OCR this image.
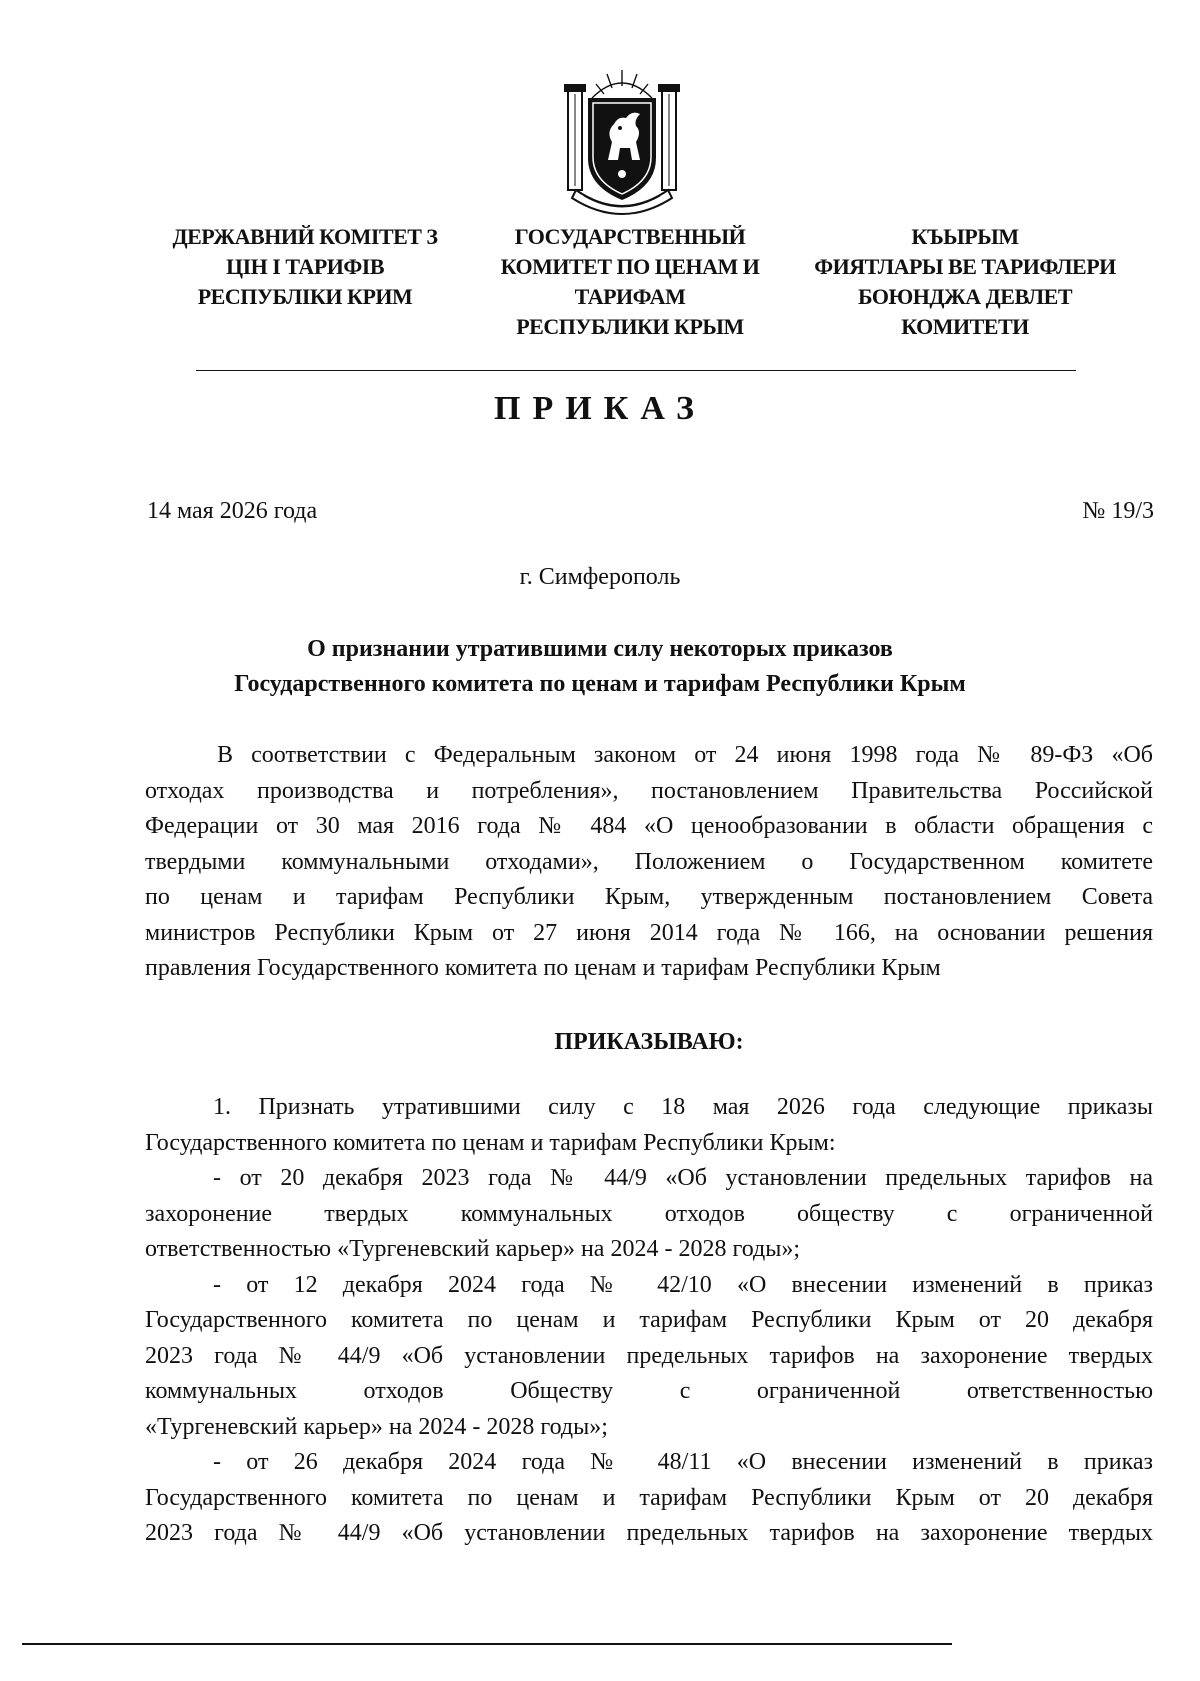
ДЕРЖАВНИЙ КОМІТЕТ З
ЦІН І ТАРИФІВ
РЕСПУБЛІКИ КРИМ
ГОСУДАРСТВЕННЫЙ
КОМИТЕТ ПО ЦЕНАМ И
ТАРИФАМ
РЕСПУБЛИКИ КРЫМ
КЪЫРЫМ
ФИЯТЛАРЫ ВЕ ТАРИФЛЕРИ
БОЮНДЖА ДЕВЛЕТ
КОМИТЕТИ
ПРИКАЗ
14 мая 2026 года	№ 19/3
г. Симферополь
О признании утратившими силу некоторых приказов
Государственного комитета по ценам и тарифам Республики Крым
В соответствии с Федеральным законом от 24 июня 1998 года № 89-ФЗ «Об
отходах производства и потребления», постановлением Правительства Российской
Федерации от 30 мая 2016 года № 484 «О ценообразовании в области обращения с
твердыми коммунальными отходами», Положением о Государственном комитете
по ценам и тарифам Республики Крым, утвержденным постановлением Совета
министров Республики Крым от 27 июня 2014 года № 166, на основании решения
правления Государственного комитета по ценам и тарифам Республики Крым
ПРИКАЗЫВАЮ:
1. Признать утратившими силу с 18 мая 2026 года следующие приказы
Государственного комитета по ценам и тарифам Республики Крым:
- от 20 декабря 2023 года № 44/9 «Об установлении предельных тарифов на
захоронение твердых коммунальных отходов обществу с ограниченной
ответственностью «Тургеневский карьер» на 2024 - 2028 годы»;
- от 12 декабря 2024 года № 42/10 «О внесении изменений в приказ
Государственного комитета по ценам и тарифам Республики Крым от 20 декабря
2023 года № 44/9 «Об установлении предельных тарифов на захоронение твердых
коммунальных отходов Обществу с ограниченной ответственностью
«Тургеневский карьер» на 2024 - 2028 годы»;
- от 26 декабря 2024 года № 48/11 «О внесении изменений в приказ
Государственного комитета по ценам и тарифам Республики Крым от 20 декабря
2023 года № 44/9 «Об установлении предельных тарифов на захоронение твердых
